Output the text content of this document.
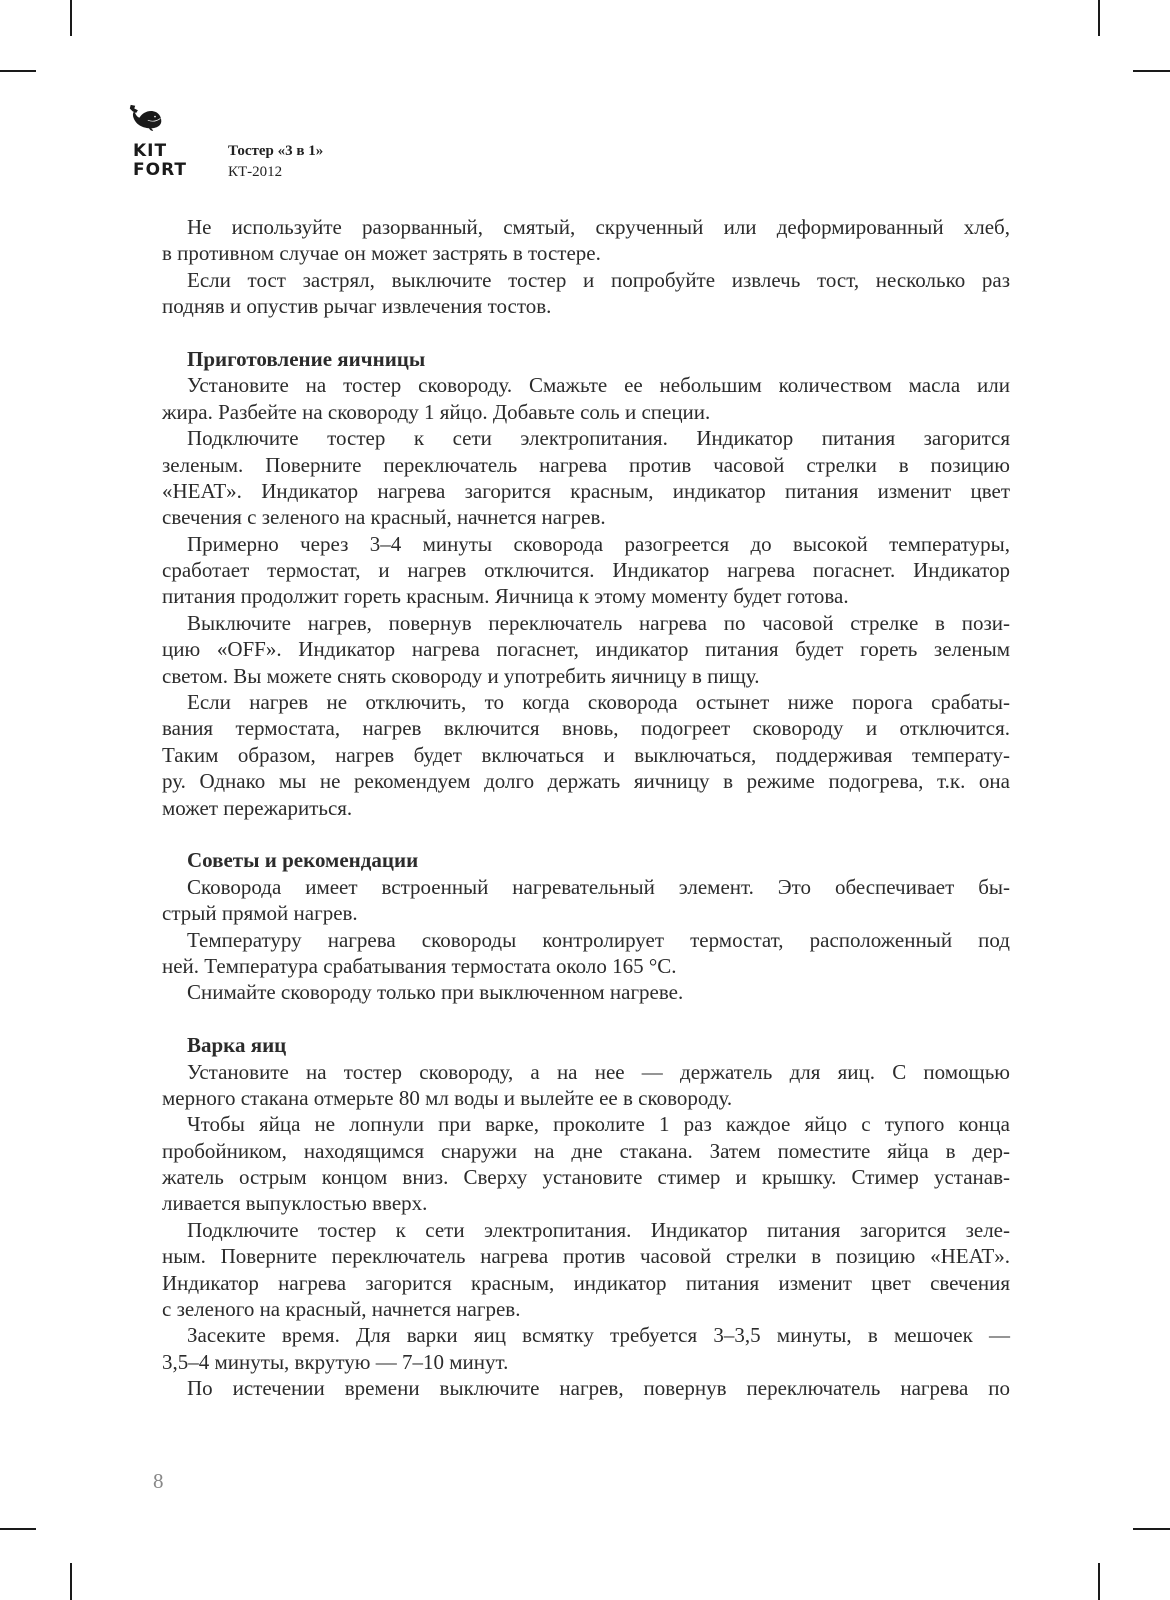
KIT
FORT
Тостер «3 в 1»
КТ-2012
Не используйте разорванный, смятый, скрученный или деформированный хлеб,
в противном случае он может застрять в тостере.
Если тост застрял, выключите тостер и попробуйте извлечь тост, несколько раз
подняв и опустив рычаг извлечения тостов.
Приготовление яичницы
Установите на тостер сковороду. Смажьте ее небольшим количеством масла или
жира. Разбейте на сковороду 1 яйцо. Добавьте соль и специи.
Подключите тостер к сети электропитания. Индикатор питания загорится
зеленым. Поверните переключатель нагрева против часовой стрелки в позицию
«HEAT». Индикатор нагрева загорится красным, индикатор питания изменит цвет
свечения с зеленого на красный, начнется нагрев.
Примерно через 3–4 минуты сковорода разогреется до высокой температуры,
сработает термостат, и нагрев отключится. Индикатор нагрева погаснет. Индикатор
питания продолжит гореть красным. Яичница к этому моменту будет готова.
Выключите нагрев, повернув переключатель нагрева по часовой стрелке в пози-
цию «OFF». Индикатор нагрева погаснет, индикатор питания будет гореть зеленым
светом. Вы можете снять сковороду и употребить яичницу в пищу.
Если нагрев не отключить, то когда сковорода остынет ниже порога срабаты-
вания термостата, нагрев включится вновь, подогреет сковороду и отключится.
Таким образом, нагрев будет включаться и выключаться, поддерживая температу-
ру. Однако мы не рекомендуем долго держать яичницу в режиме подогрева, т.к. она
может пережариться.
Советы и рекомендации
Сковорода имеет встроенный нагревательный элемент. Это обеспечивает бы-
стрый прямой нагрев.
Температуру нагрева сковороды контролирует термостат, расположенный под
ней. Температура срабатывания термостата около 165 °С.
Снимайте сковороду только при выключенном нагреве.
Варка яиц
Установите на тостер сковороду, а на нее — держатель для яиц. С помощью
мерного стакана отмерьте 80 мл воды и вылейте ее в сковороду.
Чтобы яйца не лопнули при варке, проколите 1 раз каждое яйцо с тупого конца
пробойником, находящимся снаружи на дне стакана. Затем поместите яйца в дер-
жатель острым концом вниз. Сверху установите стимер и крышку. Стимер устанав-
ливается выпуклостью вверх.
Подключите тостер к сети электропитания. Индикатор питания загорится зеле-
ным. Поверните переключатель нагрева против часовой стрелки в позицию «HEAT».
Индикатор нагрева загорится красным, индикатор питания изменит цвет свечения
с зеленого на красный, начнется нагрев.
Засеките время. Для варки яиц всмятку требуется 3–3,5 минуты, в мешочек —
3,5–4 минуты, вкрутую — 7–10 минут.
По истечении времени выключите нагрев, повернув переключатель нагрева по
8
